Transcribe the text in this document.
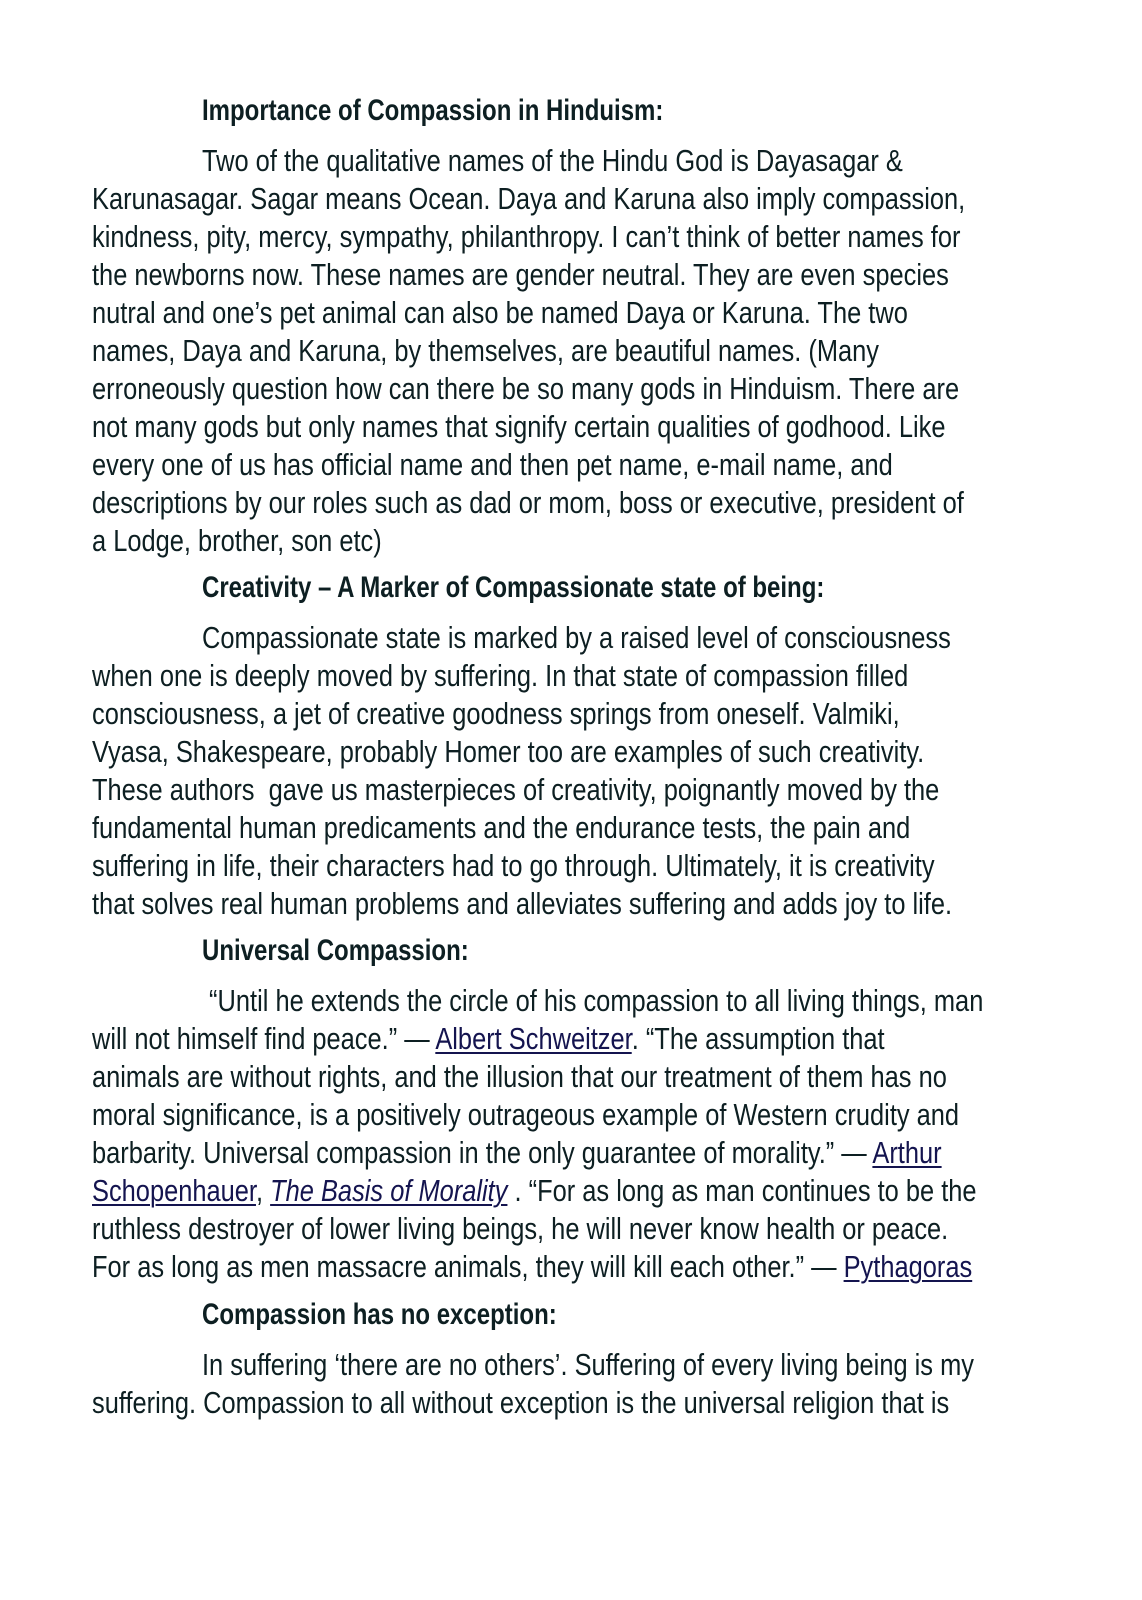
Importance of Compassion in Hinduism:
Two of the qualitative names of the Hindu God is Dayasagar &
Karunasagar. Sagar means Ocean. Daya and Karuna also imply compassion,
kindness, pity, mercy, sympathy, philanthropy. I can’t think of better names for
the newborns now. These names are gender neutral. They are even species
nutral and one’s pet animal can also be named Daya or Karuna. The two
names, Daya and Karuna, by themselves, are beautiful names. (Many
erroneously question how can there be so many gods in Hinduism. There are
not many gods but only names that signify certain qualities of godhood. Like
every one of us has official name and then pet name, e-mail name, and
descriptions by our roles such as dad or mom, boss or executive, president of
a Lodge, brother, son etc)
Creativity – A Marker of Compassionate state of being:
Compassionate state is marked by a raised level of consciousness
when one is deeply moved by suffering. In that state of compassion filled
consciousness, a jet of creative goodness springs from oneself. Valmiki,
Vyasa, Shakespeare, probably Homer too are examples of such creativity.
These authors  gave us masterpieces of creativity, poignantly moved by the
fundamental human predicaments and the endurance tests, the pain and
suffering in life, their characters had to go through. Ultimately, it is creativity
that solves real human problems and alleviates suffering and adds joy to life.
Universal Compassion:
“Until he extends the circle of his compassion to all living things, man
will not himself find peace.” — Albert Schweitzer. “The assumption that
animals are without rights, and the illusion that our treatment of them has no
moral significance, is a positively outrageous example of Western crudity and
barbarity. Universal compassion in the only guarantee of morality.” — Arthur
Schopenhauer, The Basis of Morality . “For as long as man continues to be the
ruthless destroyer of lower living beings, he will never know health or peace.
For as long as men massacre animals, they will kill each other.” — Pythagoras
Compassion has no exception:
In suffering ‘there are no others’. Suffering of every living being is my
suffering. Compassion to all without exception is the universal religion that is
